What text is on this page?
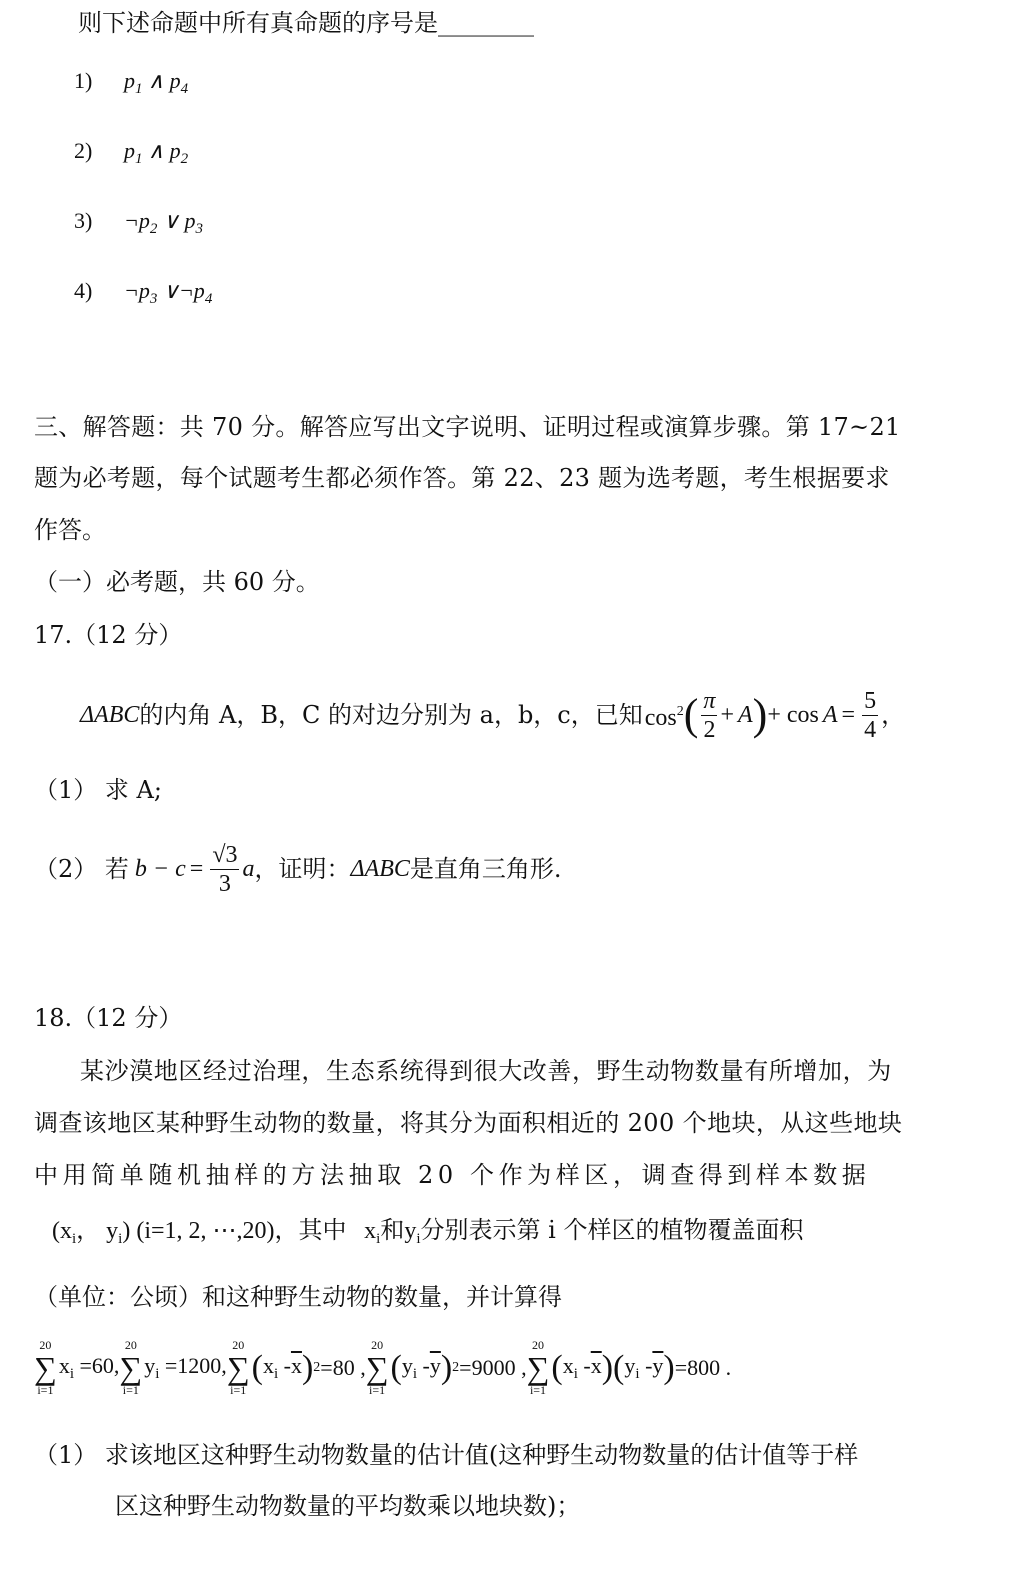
则下述命题中所有真命题的序号是________
1) $p_1$ ∧ $p_4$
2) $p_1$ ∧ $p_2$
3) $\neg p_2$ ∨ $p_3$
4) $\neg p_3$ $\vee\neg p_4$
三、解答题：共 70 分。解答应写出文字说明、证明过程或演算步骤。第 17~21
题为必考题，每个试题考生都必须作答。第 22、23 题为选考题，考生根据要求
作答。
（一）必考题，共 60 分。
17.（12 分）
ΔABC 的内角 A，B，C 的对边分别为 a，b，c，已知 $\cos^2$ ( $\frac{\pi}{2} + A$ ) + $\cos A = \frac{5}{4}$ ，
（1） 求 A;
（2） 若 $b - c = \frac{√3}{3}$ a ，证明： ΔABC 是直角三角形.
18.（12 分）
某沙漠地区经过治理，生态系统得到很大改善，野生动物数量有所增加，为
调查该地区某种野生动物的数量，将其分为面积相近的 200 个地块，从这些地块
中用简单随机抽样的方法抽取 20 个作为样区，调查得到样本数据
($x_i$， $y_i$) (i=1, 2, ⋯,20)，其中 $x_i$和$y_i$分别表示第 i 个样区的植物覆盖面积
（单位：公顷）和这种野生动物的数量，并计算得
20
∑
i=1
$x_i =60$,
20
∑
i=1
$y_i =1200$,
20
∑
i=1
( $x_i$ $-\overline{x}$ ) 2 =80 ,
20
∑
i=1
( $y_i$ $-\overline{y}$ ) 2 =9000 ,
20
∑
i=1
( $x_i$ $-\overline{x}$ )( $y_i$ $-\overline{y}$ ) =800 .
（1） 求该地区这种野生动物数量的估计值(这种野生动物数量的估计值等于样
区这种野生动物数量的平均数乘以地块数)；
